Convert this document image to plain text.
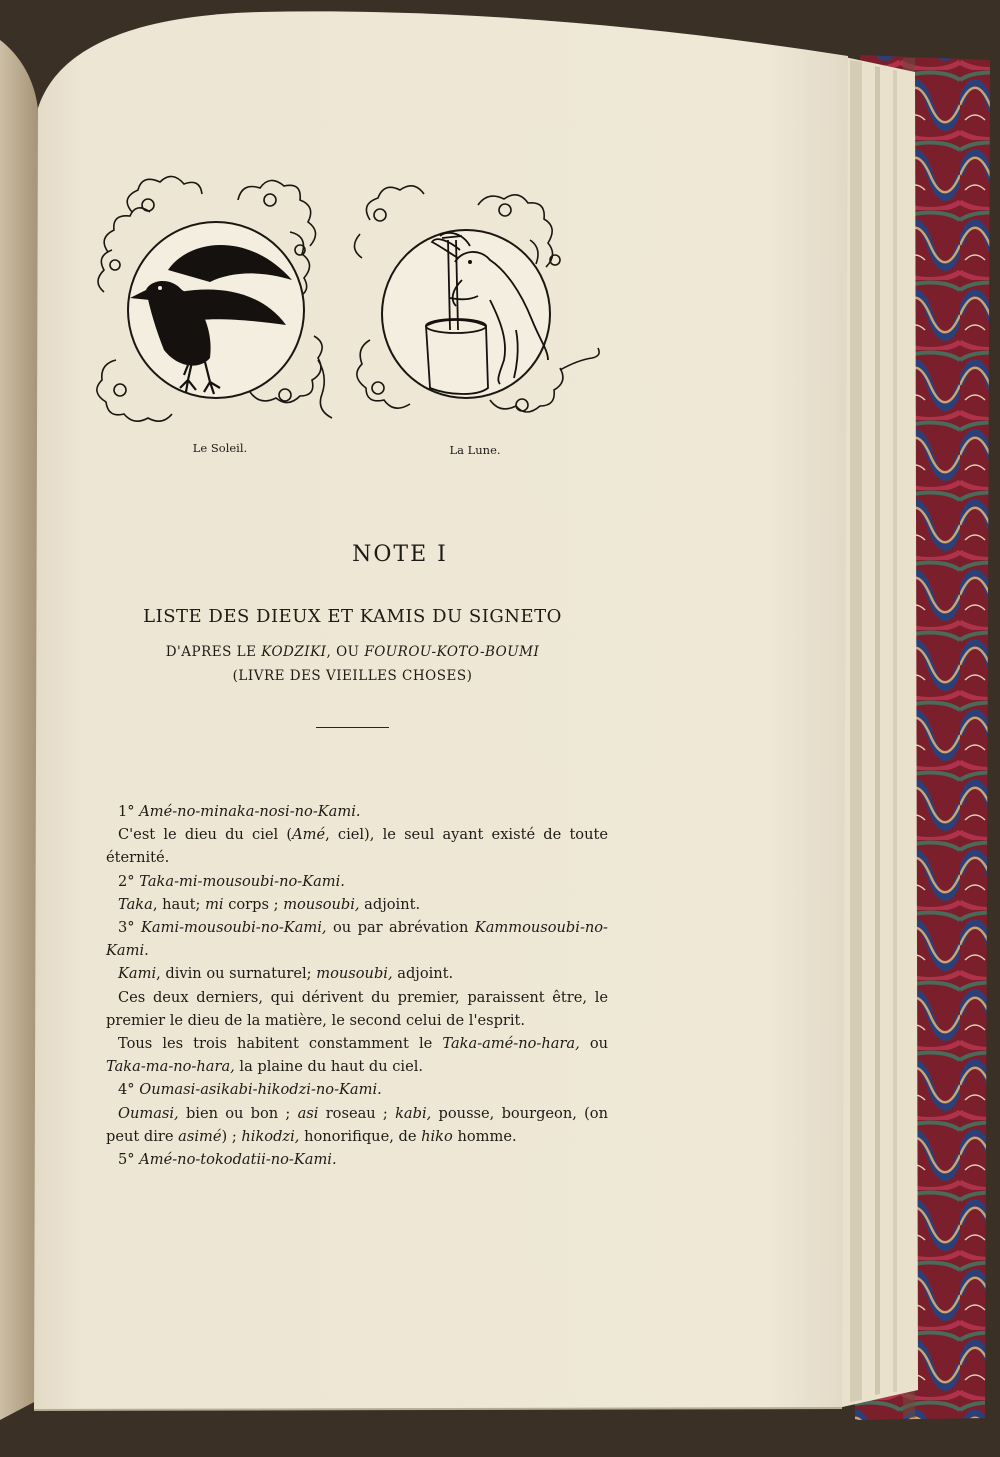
Le Soleil.	La Lune.
NOTE I
LISTE DES DIEUX ET KAMIS DU SIGNETO
D'APRES LE KODZIKI, OU FOUROU-KOTO-BOUMI
(LIVRE DES VIEILLES CHOSES)

1° Amé-no-minaka-nosi-no-Kami.

C'est le dieu du ciel (Amé, ciel), le seul ayant existé de toute éternité.

2° Taka-mi-mousoubi-no-Kami.

Taka, haut; mi corps ; mousoubi, adjoint.

3° Kami-mousoubi-no-Kami, ou par abrévation Kammousoubi-no-Kami.

Kami, divin ou surnaturel; mousoubi, adjoint.

Ces deux derniers, qui dérivent du premier, paraissent être, le premier le dieu de la matière, le second celui de l'esprit.

Tous les trois habitent constamment le Taka-amé-no-hara, ou Taka-ma-no-hara, la plaine du haut du ciel.

4° Oumasi-asikabi-hikodzi-no-Kami.

Oumasi, bien ou bon ; asi roseau ; kabi, pousse, bourgeon, (on peut dire asimé) ; hikodzi, honorifique, de hiko homme.

5° Amé-no-tokodatii-no-Kami.
